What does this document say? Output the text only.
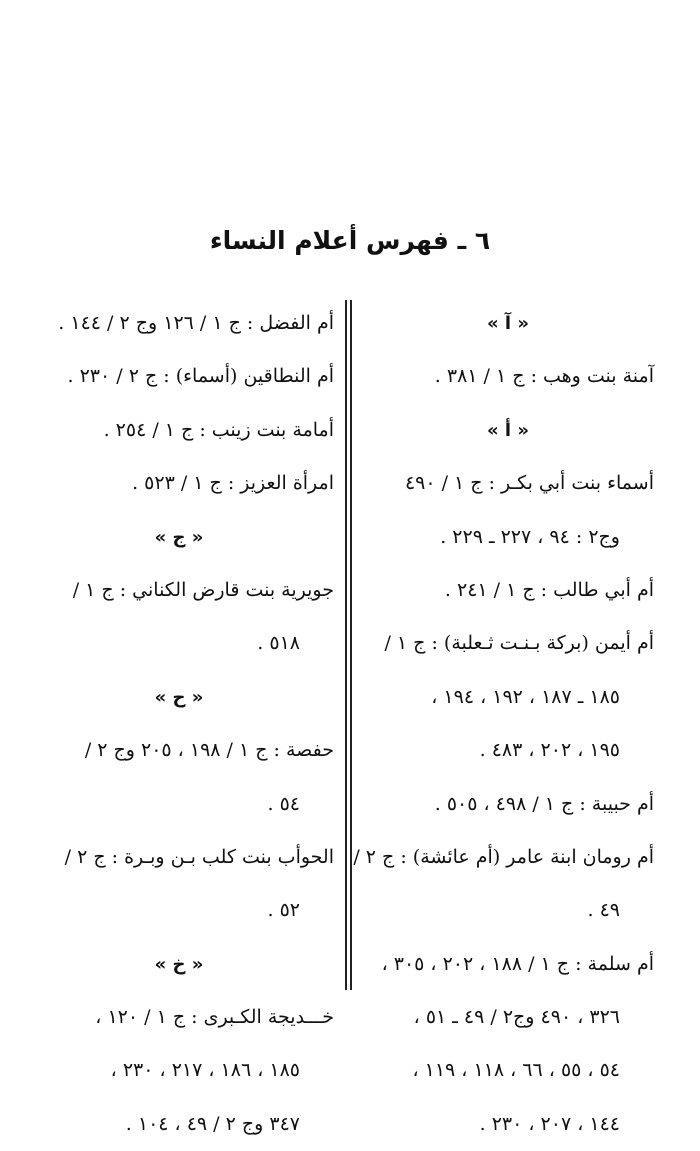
٦ ـ فهرس أعلام النساء
« آ »
آمنة بنت وهب : ج ١ / ٣٨١ .
« أ »
أسماء بنت أبي بكـر : ج ١ / ٤٩٠
وج٢ : ٩٤ ، ٢٢٧ ـ ٢٢٩ .
أم أبي طالب : ج ١ / ٢٤١ .
أم أيمن (بركة بـنـت ثـعلبة) : ج ١ /
١٨٥ ـ ١٨٧ ، ١٩٢ ، ١٩٤ ،
١٩٥ ، ٢٠٢ ، ٤٨٣ .
أم حبيبة : ج ١ / ٤٩٨ ، ٥٠٥ .
أم رومان ابنة عامر (أم عائشة) : ج ٢ /
٤٩ .
أم سلمة : ج ١ / ١٨٨ ، ٢٠٢ ، ٣٠٥ ،
٣٢٦ ، ٤٩٠ وج٢ / ٤٩ ـ ٥١ ،
٥٤ ، ٥٥ ، ٦٦ ، ١١٨ ، ١١٩ ،
١٤٤ ، ٢٠٧ ، ٢٣٠ .
أم الفضل : ج ١ / ١٢٦ وج ٢ / ١٤٤ .
أم النطاقين (أسماء) : ج ٢ / ٢٣٠ .
أمامة بنت زينب : ج ١ / ٢٥٤ .
امرأة العزيز : ج ١ / ٥٢٣ .
« ج »
جويرية بنت قارض الكناني : ج ١ /
٥١٨ .
« ح »
حفصة : ج ١ / ١٩٨ ، ٢٠٥ وج ٢ /
٥٤ .
الحوأب بنت كلب بـن وبـرة : ج ٢ /
٥٢ .
« خ »
خـــديجة الكـبرى : ج ١ / ١٢٠ ،
١٨٥ ، ١٨٦ ، ٢١٧ ، ٢٣٠ ،
٣٤٧ وج ٢ / ٤٩ ، ١٠٤ .
